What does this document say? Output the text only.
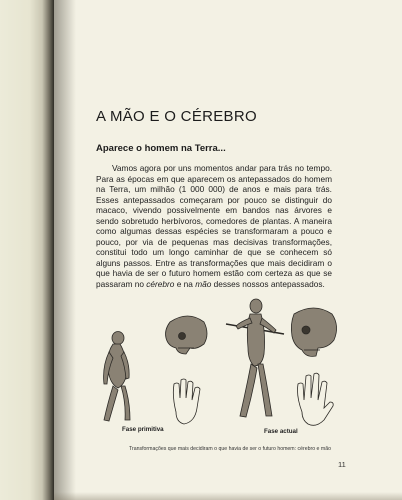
A MÃO E O CÉREBRO
Aparece o homem na Terra...

Vamos agora por uns momentos andar para trás no tempo. Para as épocas em que aparecem os antepassados do homem na Terra, um milhão (1 000 000) de anos e mais para trás. Esses antepassados começaram por pouco se distinguir do macaco, vivendo possivelmente em bandos nas árvores e sendo sobretudo herbívoros, comedores de plantas. A maneira como algumas dessas espécies se transformaram a pouco e pouco, por via de pequenas mas decisivas transformações, constitui todo um longo caminhar de que se conhecem só alguns passos. Entre as transformações que mais decidiram o que havia de ser o futuro homem estão com certeza as que se passaram no cérebro e na mão desses nossos antepassados.

Fase primitiva	Fase actual
Transformações que mais decidiram o que havia de ser o futuro homem: cérebro e mão
11
